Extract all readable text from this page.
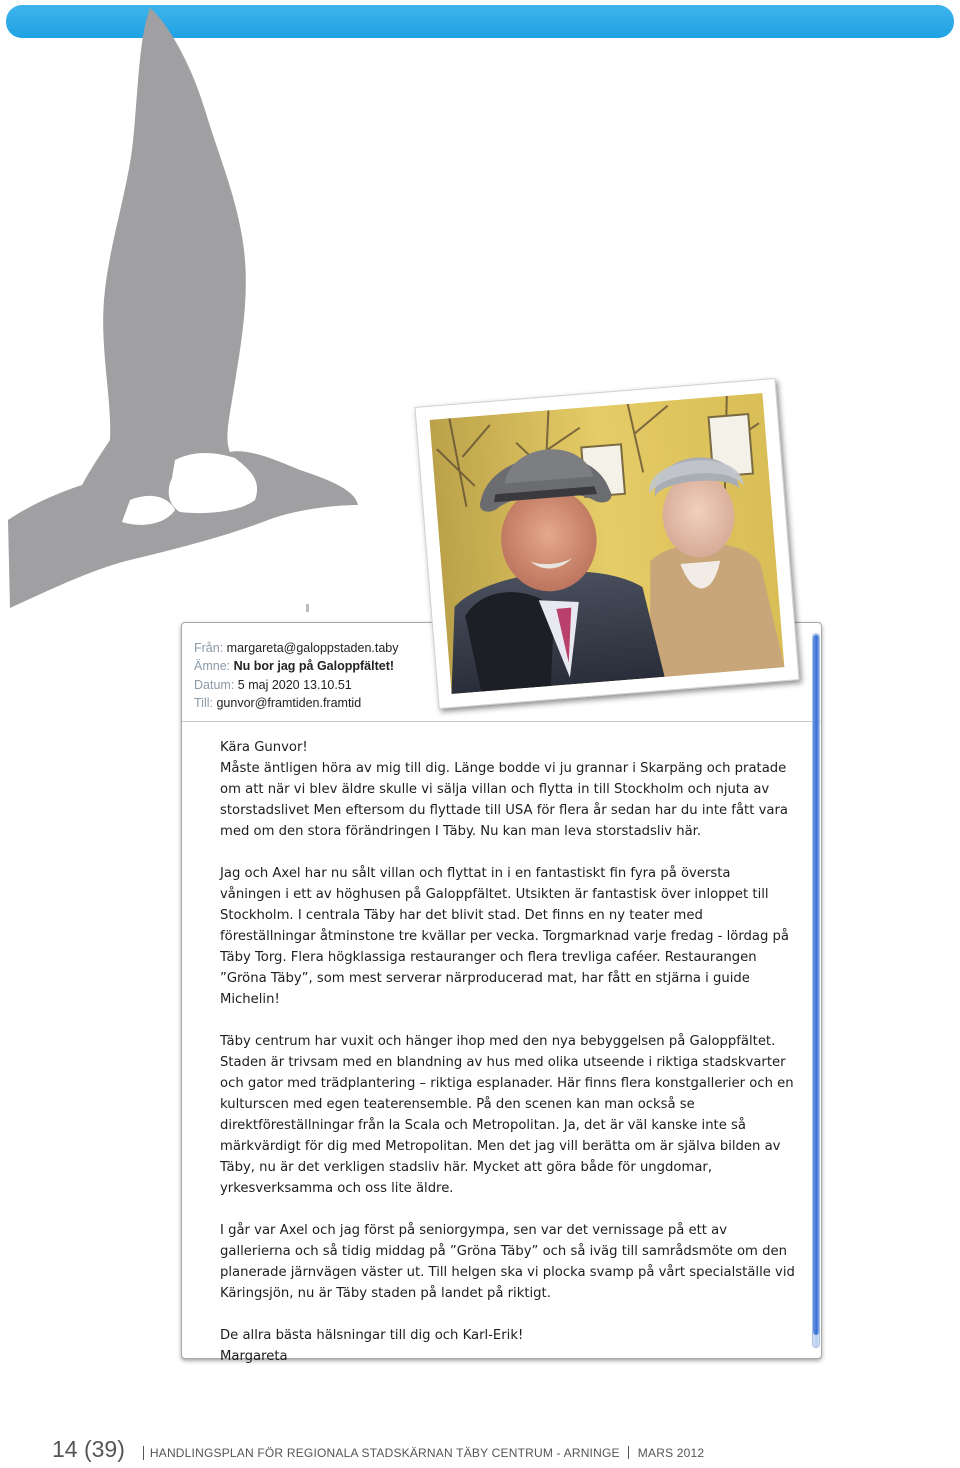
Från: margareta@galoppstaden.taby
Ämne: Nu bor jag på Galoppfältet!
Datum: 5 maj 2020 13.10.51
Till: gunvor@framtiden.framtid

Kära Gunvor!

Måste äntligen höra av mig till dig. Länge bodde vi ju grannar i Skarpäng och pratade om att när vi blev äldre skulle vi sälja villan och flytta in till Stockholm och njuta av storstadslivet Men eftersom du flyttade till USA för flera år sedan har du inte fått vara med om den stora förändringen I Täby. Nu kan man leva storstadsliv här.

Jag och Axel har nu sålt villan och flyttat in i en fantastiskt fin fyra på översta våningen i ett av höghusen på Galoppfältet. Utsikten är fantastisk över inloppet till Stockholm. I centrala Täby har det blivit stad. Det finns en ny teater med föreställningar åtminstone tre kvällar per vecka. Torgmarknad varje fredag - lördag på Täby Torg. Flera högklassiga restauranger och flera trevliga caféer. Restaurangen ”Gröna Täby”, som mest serverar närproducerad mat, har fått en stjärna i guide Michelin!

Täby centrum har vuxit och hänger ihop med den nya bebyggelsen på Galoppfältet. Staden är trivsam med en blandning av hus med olika utseende i riktiga stadskvarter och gator med trädplantering – riktiga esplanader. Här finns flera konstgallerier och en kulturscen med egen teaterensemble. På den scenen kan man också se direktföreställningar från la Scala och Metropolitan. Ja, det är väl kanske inte så märkvärdigt för dig med Metropolitan. Men det jag vill berätta om är själva bilden av Täby, nu är det verkligen stadsliv här. Mycket att göra både för ungdomar, yrkesverksamma och oss lite äldre.

I går var Axel och jag först på seniorgympa, sen var det vernissage på ett av gallerierna och så tidig middag på ”Gröna Täby” och så iväg till samrådsmöte om den planerade järnvägen väster ut. Till helgen ska vi plocka svamp på vårt specialställe vid Käringsjön, nu är Täby staden på landet på riktigt.

De allra bästa hälsningar till dig och Karl-Erik!

Margareta

14 (39)	HANDLINGSPLAN FÖR REGIONALA STADSKÄRNAN TÄBY CENTRUM - ARNINGE MARS 2012
